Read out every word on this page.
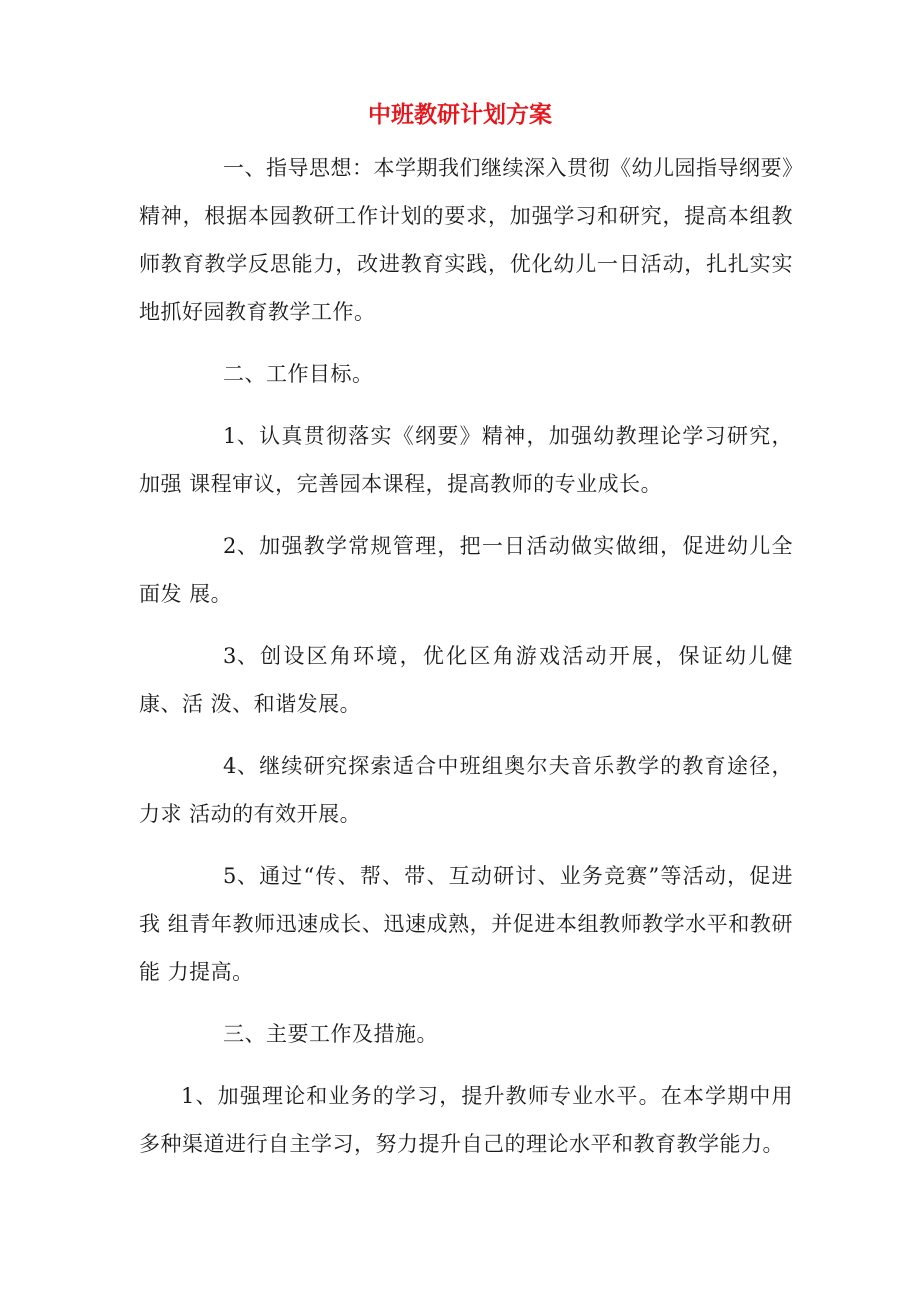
中班教研计划方案

一、指导思想：本学期我们继续深入贯彻《幼儿园指导纲要》精神，根据本园教研工作计划的要求，加强学习和研究，提高本组教师教育教学反思能力，改进教育实践，优化幼儿一日活动，扎扎实实地抓好园教育教学工作。

二、工作目标。

1、认真贯彻落实《纲要》精神，加强幼教理论学习研究，加强 课程审议，完善园本课程，提高教师的专业成长。

2、加强教学常规管理，把一日活动做实做细，促进幼儿全面发 展。

3、创设区角环境，优化区角游戏活动开展，保证幼儿健康、活 泼、和谐发展。

4、继续研究探索适合中班组奥尔夫音乐教学的教育途径，力求 活动的有效开展。

5、通过“传、帮、带、互动研讨、业务竞赛”等活动，促进我 组青年教师迅速成长、迅速成熟，并促进本组教师教学水平和教研能 力提高。

三、主要工作及措施。

1、加强理论和业务的学习，提升教师专业水平。在本学期中用多种渠道进行自主学习，努力提升自己的理论水平和教育教学能力。
